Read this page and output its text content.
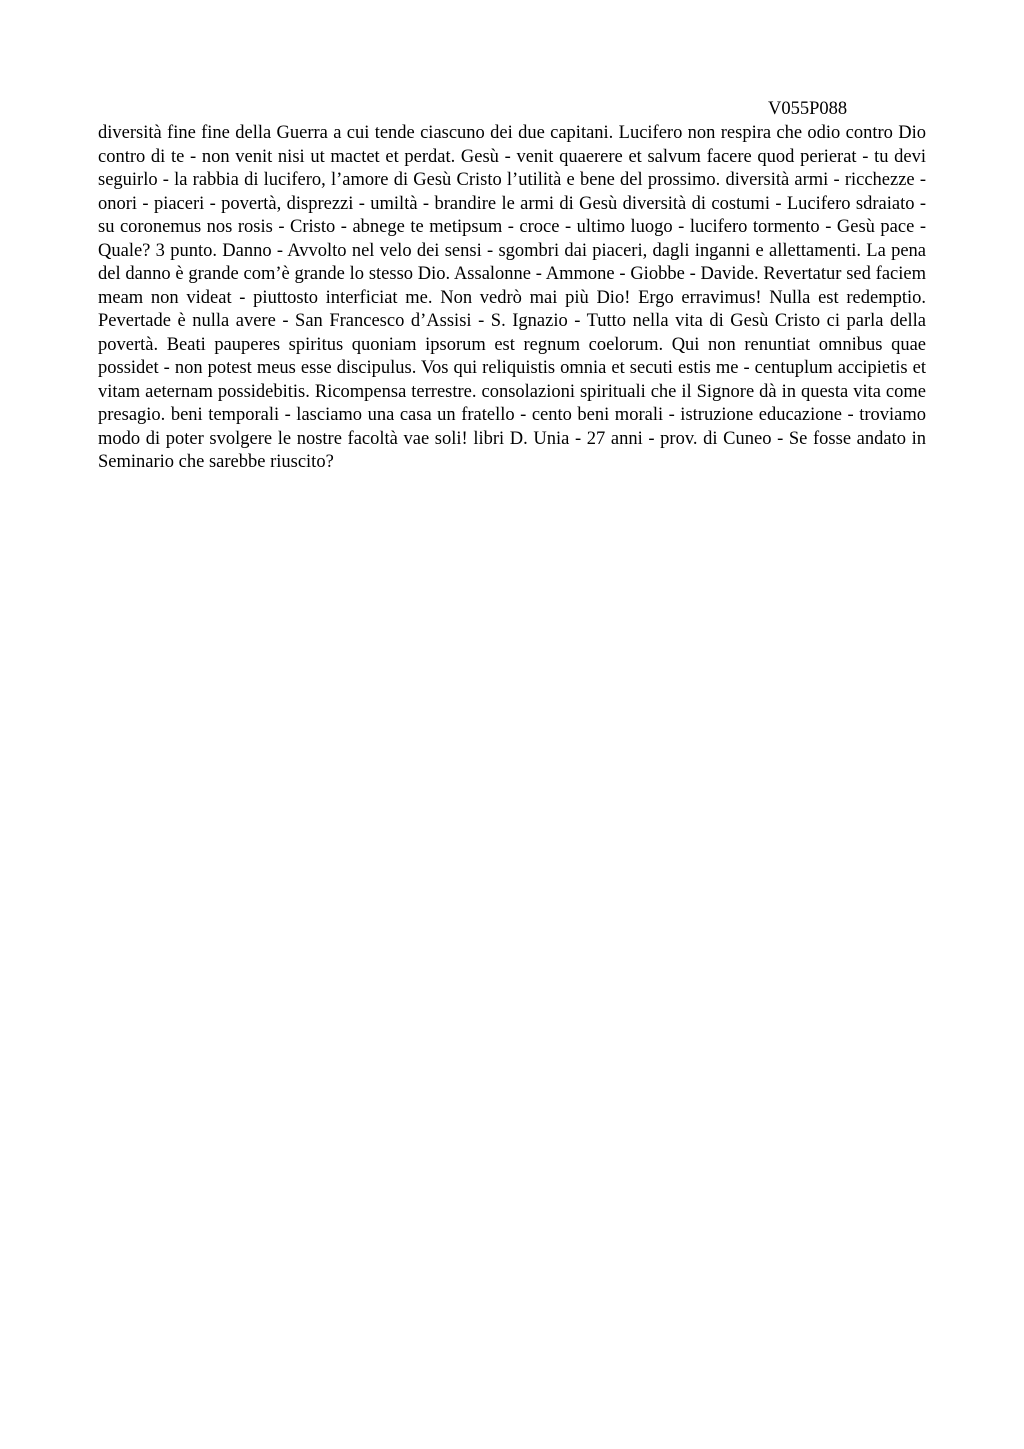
V055P088

diversità fine fine della Guerra a cui tende ciascuno dei due capitani. Lucifero non respira che odio contro Dio contro di te - non venit nisi ut mactet et perdat. Gesù - venit quaerere et salvum facere quod perierat - tu devi seguirlo - la rabbia di lucifero, l’amore di Gesù Cristo l’utilità e bene del prossimo. diversità armi - ricchezze - onori - piaceri - povertà, disprezzi - umiltà - brandire le armi di Gesù diversità di costumi - Lucifero sdraiato - su coronemus nos rosis - Cristo - abnege te metipsum - croce - ultimo luogo - lucifero tormento - Gesù pace - Quale? 3 punto. Danno - Avvolto nel velo dei sensi - sgombri dai piaceri, dagli inganni e allettamenti. La pena del danno è grande com’è grande lo stesso Dio. Assalonne - Ammone - Giobbe - Davide. Revertatur sed faciem meam non videat - piuttosto interficiat me. Non vedrò mai più Dio! Ergo erravimus! Nulla est redemptio. Pevertade è nulla avere - San Francesco d’Assisi - S. Ignazio - Tutto nella vita di Gesù Cristo ci parla della povertà. Beati pauperes spiritus quoniam ipsorum est regnum coelorum. Qui non renuntiat omnibus quae possidet - non potest meus esse discipulus. Vos qui reliquistis omnia et secuti estis me - centuplum accipietis et vitam aeternam possidebitis. Ricompensa terrestre. consolazioni spirituali che il Signore dà in questa vita come presagio. beni temporali - lasciamo una casa un fratello - cento beni morali - istruzione educazione - troviamo modo di poter svolgere le nostre facoltà vae soli! libri D. Unia - 27 anni - prov. di Cuneo - Se fosse andato in Seminario che sarebbe riuscito?
